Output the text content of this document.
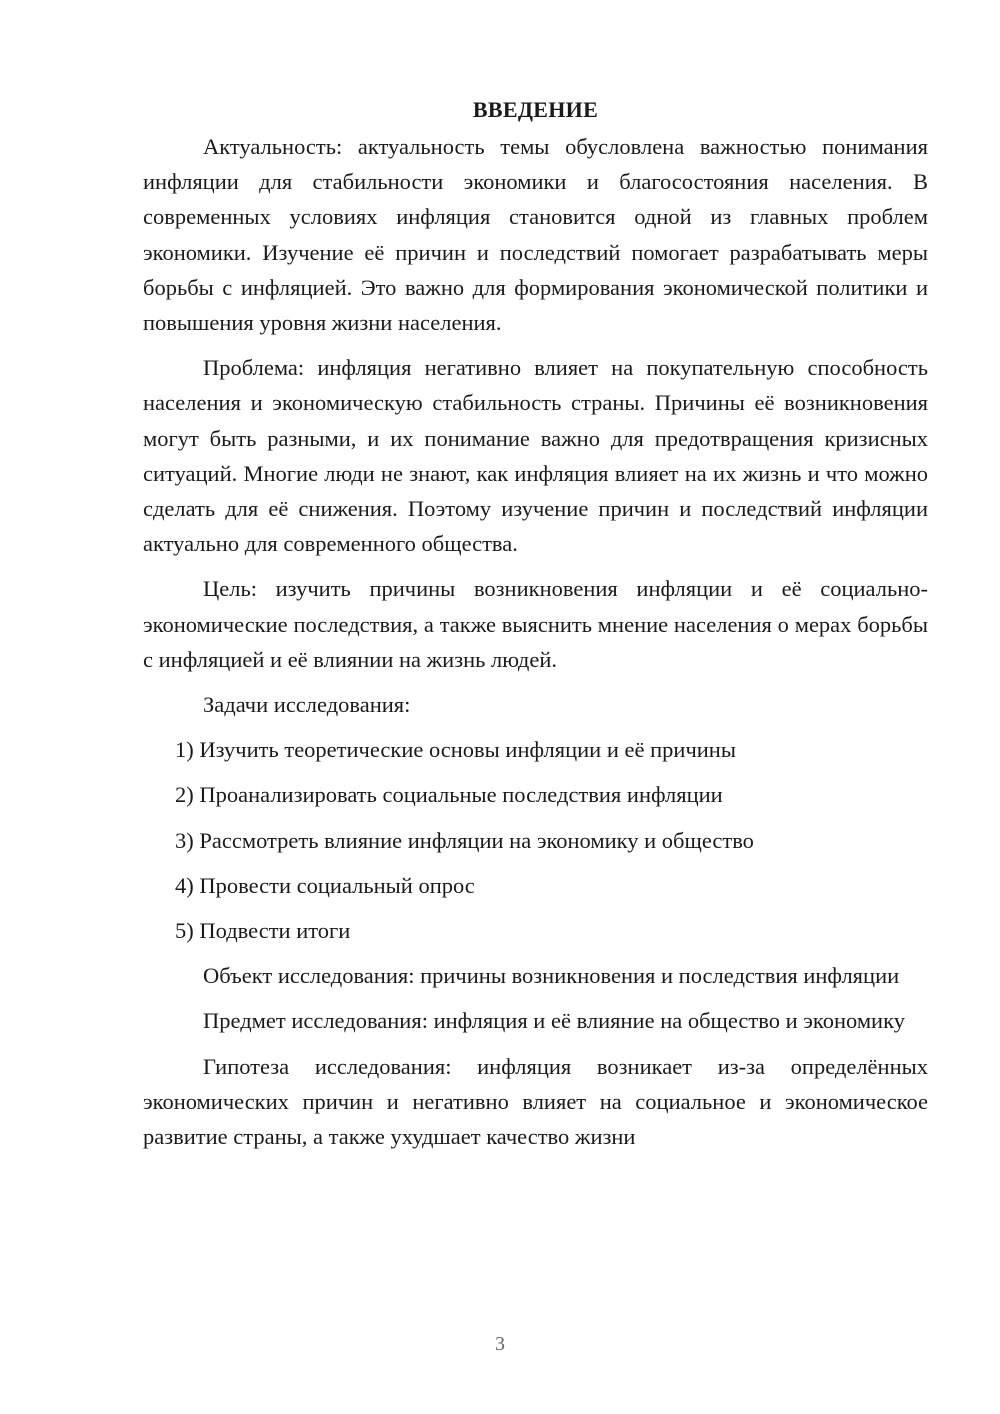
ВВЕДЕНИЕ

Актуальность: актуальность темы обусловлена важностью понимания инфляции для стабильности экономики и благосостояния населения. В современных условиях инфляция становится одной из главных проблем экономики. Изучение её причин и последствий помогает разрабатывать меры борьбы с инфляцией. Это важно для формирования экономической политики и повышения уровня жизни населения.

Проблема: инфляция негативно влияет на покупательную способность населения и экономическую стабильность страны. Причины её возникновения могут быть разными, и их понимание важно для предотвращения кризисных ситуаций. Многие люди не знают, как инфляция влияет на их жизнь и что можно сделать для её снижения. Поэтому изучение причин и последствий инфляции актуально для современного общества.

Цель: изучить причины возникновения инфляции и её социально-экономические последствия, а также выяснить мнение населения о мерах борьбы с инфляцией и её влиянии на жизнь людей.

Задачи исследования:

1) Изучить теоретические основы инфляции и её причины

2) Проанализировать социальные последствия инфляции

3) Рассмотреть влияние инфляции на экономику и общество

4) Провести социальный опрос

5) Подвести итоги

Объект исследования: причины возникновения и последствия инфляции

Предмет исследования: инфляция и её влияние на общество и экономику

Гипотеза исследования: инфляция возникает из-за определённых экономических причин и негативно влияет на социальное и экономическое развитие страны, а также ухудшает качество жизни

3
